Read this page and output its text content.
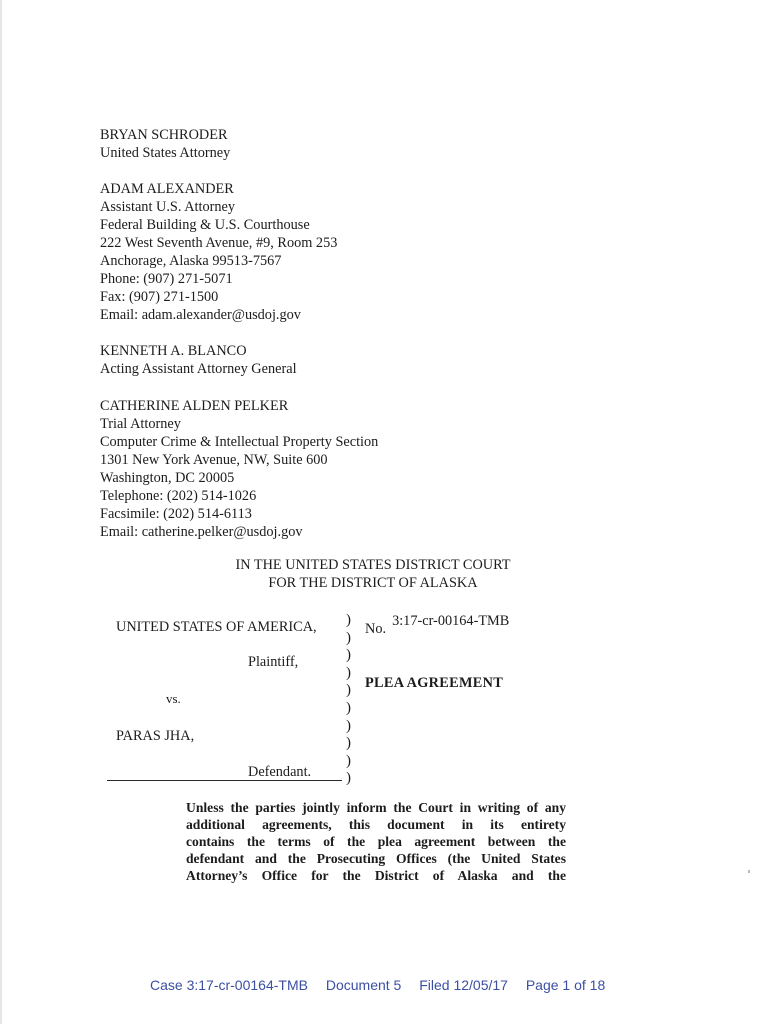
BRYAN SCHRODER
United States Attorney
ADAM ALEXANDER
Assistant U.S. Attorney
Federal Building & U.S. Courthouse
222 West Seventh Avenue, #9, Room 253
Anchorage, Alaska 99513-7567
Phone: (907) 271-5071
Fax: (907) 271-1500
Email: adam.alexander@usdoj.gov
KENNETH A. BLANCO
Acting Assistant Attorney General
CATHERINE ALDEN PELKER
Trial Attorney
Computer Crime & Intellectual Property Section
1301 New York Avenue, NW, Suite 600
Washington, DC 20005
Telephone: (202) 514-1026
Facsimile: (202) 514-6113
Email: catherine.pelker@usdoj.gov
IN THE UNITED STATES DISTRICT COURT
FOR THE DISTRICT OF ALASKA
UNITED STATES OF AMERICA,
Plaintiff,
vs.
PARAS JHA,
Defendant.
)
)
)
)
)
)
)
)
)
)
No. 3:17-cr-00164-TMB
PLEA AGREEMENT
Unless the parties jointly inform the Court in writing of any
additional agreements, this document in its entirety
contains the terms of the plea agreement between the
defendant and the Prosecuting Offices (the United States
Attorney’s Office for the District of Alaska and the
Case 3:17-cr-00164-TMB Document 5 Filed 12/05/17 Page 1 of 18
